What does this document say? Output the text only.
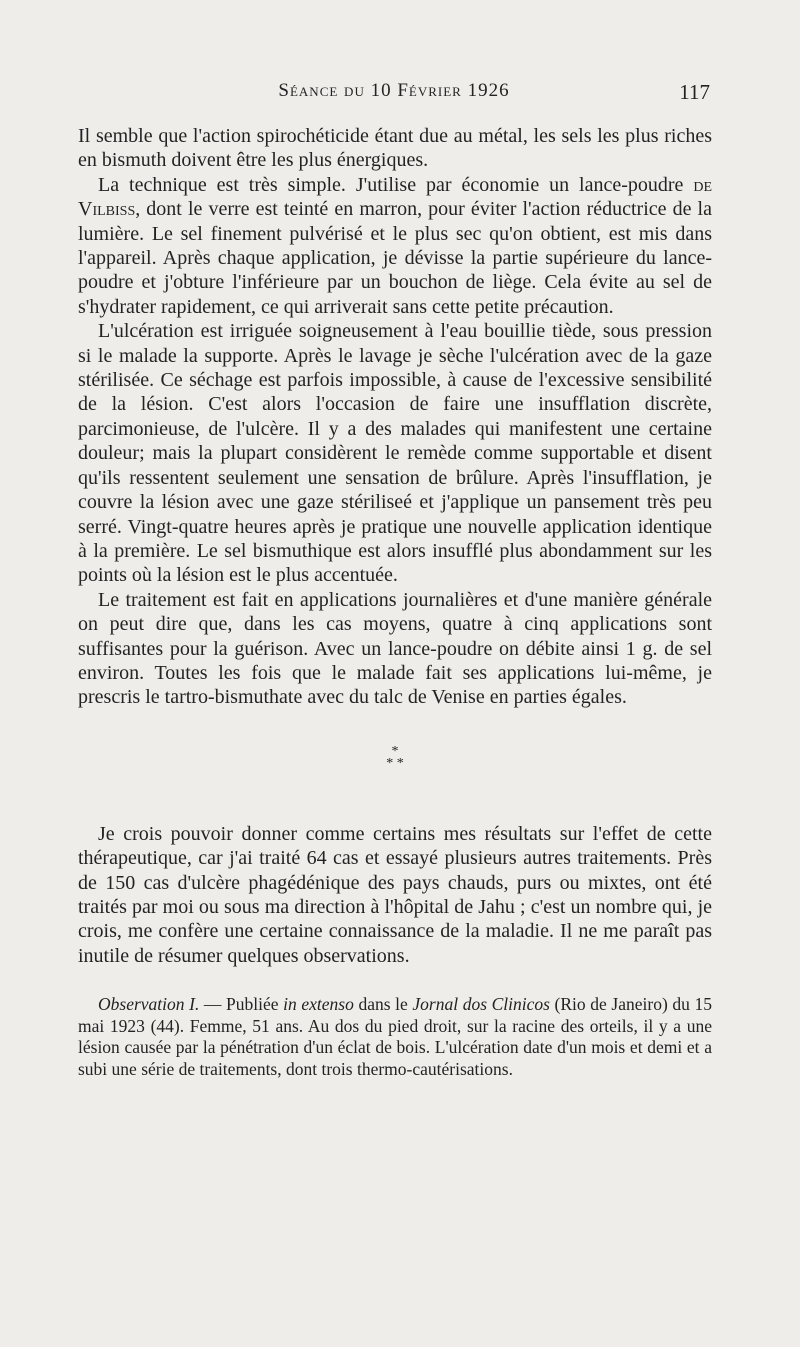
Séance du 10 Février 1926	117

Il semble que l'action spirochéticide étant due au métal, les sels les plus riches en bismuth doivent être les plus énergiques.

La technique est très simple. J'utilise par économie un lance-poudre de Vilbiss, dont le verre est teinté en marron, pour éviter l'action réductrice de la lumière. Le sel finement pulvérisé et le plus sec qu'on obtient, est mis dans l'appareil. Après chaque application, je dévisse la partie supérieure du lance-poudre et j'obture l'inférieure par un bouchon de liège. Cela évite au sel de s'hydrater rapidement, ce qui arriverait sans cette petite précaution.

L'ulcération est irriguée soigneusement à l'eau bouillie tiède, sous pression si le malade la supporte. Après le lavage je sèche l'ulcération avec de la gaze stérilisée. Ce séchage est parfois impossible, à cause de l'excessive sensibilité de la lésion. C'est alors l'occasion de faire une insufflation discrète, parcimonieuse, de l'ulcère. Il y a des malades qui manifestent une certaine douleur; mais la plupart considèrent le remède comme supportable et disent qu'ils ressentent seulement une sensation de brûlure. Après l'insufflation, je couvre la lésion avec une gaze stériliseé et j'applique un pansement très peu serré. Vingt-quatre heures après je pratique une nouvelle application identique à la première. Le sel bismuthique est alors insufflé plus abondamment sur les points où la lésion est le plus accentuée.

Le traitement est fait en applications journalières et d'une manière générale on peut dire que, dans les cas moyens, quatre à cinq applications sont suffisantes pour la guérison. Avec un lance-poudre on débite ainsi 1 g. de sel environ. Toutes les fois que le malade fait ses applications lui-même, je prescris le tartro-bismuthate avec du talc de Venise en parties égales.

*
* *

Je crois pouvoir donner comme certains mes résultats sur l'effet de cette thérapeutique, car j'ai traité 64 cas et essayé plusieurs autres traitements. Près de 150 cas d'ulcère phagédénique des pays chauds, purs ou mixtes, ont été traités par moi ou sous ma direction à l'hôpital de Jahu ; c'est un nombre qui, je crois, me confère une certaine connaissance de la maladie. Il ne me paraît pas inutile de résumer quelques observations.

Observation I. — Publiée in extenso dans le Jornal dos Clinicos (Rio de Janeiro) du 15 mai 1923 (44). Femme, 51 ans. Au dos du pied droit, sur la racine des orteils, il y a une lésion causée par la pénétration d'un éclat de bois. L'ulcération date d'un mois et demi et a subi une série de traitements, dont trois thermo-cautérisations.
